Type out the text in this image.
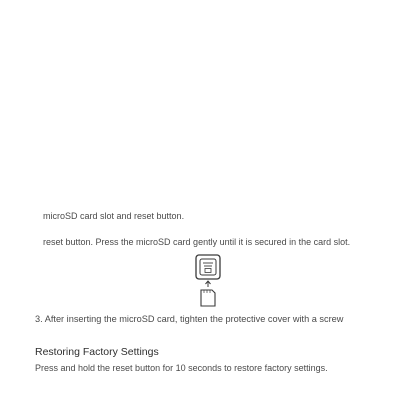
microSD card slot and reset button.
reset button. Press the microSD card gently until it is secured in the card slot.
3. After inserting the microSD card, tighten the protective cover with a screw
Restoring Factory Settings
Press and hold the reset button for 10 seconds to restore factory settings.
